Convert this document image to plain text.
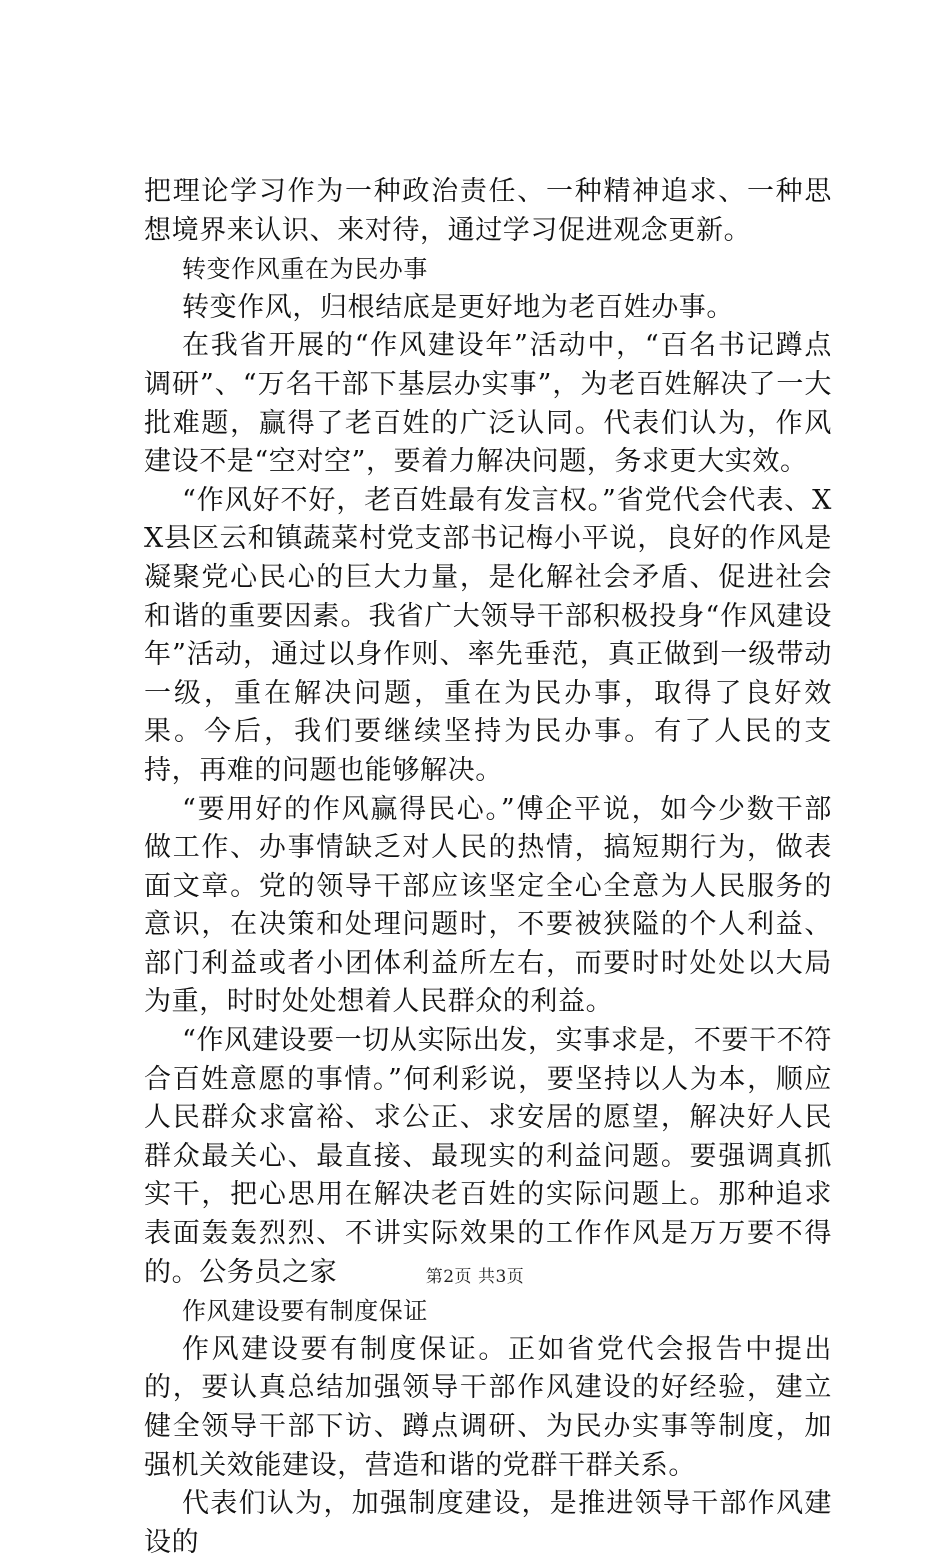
把理论学习作为一种政治责任、一种精神追求、一种思想境界来认识、来对待，通过学习促进观念更新。

转变作风重在为民办事

转变作风，归根结底是更好地为老百姓办事。

在我省开展的“作风建设年”活动中，“百名书记蹲点调研”、“万名干部下基层办实事”，为老百姓解决了一大批难题，赢得了老百姓的广泛认同。代表们认为，作风建设不是“空对空”，要着力解决问题，务求更大实效。

“作风好不好，老百姓最有发言权。”省党代会代表、XX县区云和镇蔬菜村党支部书记梅小平说，良好的作风是凝聚党心民心的巨大力量，是化解社会矛盾、促进社会和谐的重要因素。我省广大领导干部积极投身“作风建设年”活动，通过以身作则、率先垂范，真正做到一级带动一级，重在解决问题，重在为民办事，取得了良好效果。今后，我们要继续坚持为民办事。有了人民的支持，再难的问题也能够解决。

“要用好的作风赢得民心。”傅企平说，如今少数干部做工作、办事情缺乏对人民的热情，搞短期行为，做表面文章。党的领导干部应该坚定全心全意为人民服务的意识，在决策和处理问题时，不要被狭隘的个人利益、部门利益或者小团体利益所左右，而要时时处处以大局为重，时时处处想着人民群众的利益。

“作风建设要一切从实际出发，实事求是，不要干不符合百姓意愿的事情。”何利彩说，要坚持以人为本，顺应人民群众求富裕、求公正、求安居的愿望，解决好人民群众最关心、最直接、最现实的利益问题。要强调真抓实干，把心思用在解决老百姓的实际问题上。那种追求表面轰轰烈烈、不讲实际效果的工作作风是万万要不得的。公务员之家

作风建设要有制度保证

作风建设要有制度保证。正如省党代会报告中提出的，要认真总结加强领导干部作风建设的好经验，建立健全领导干部下访、蹲点调研、为民办实事等制度，加强机关效能建设，营造和谐的党群干群关系。

代表们认为，加强制度建设，是推进领导干部作风建设的

第2页 共3页
